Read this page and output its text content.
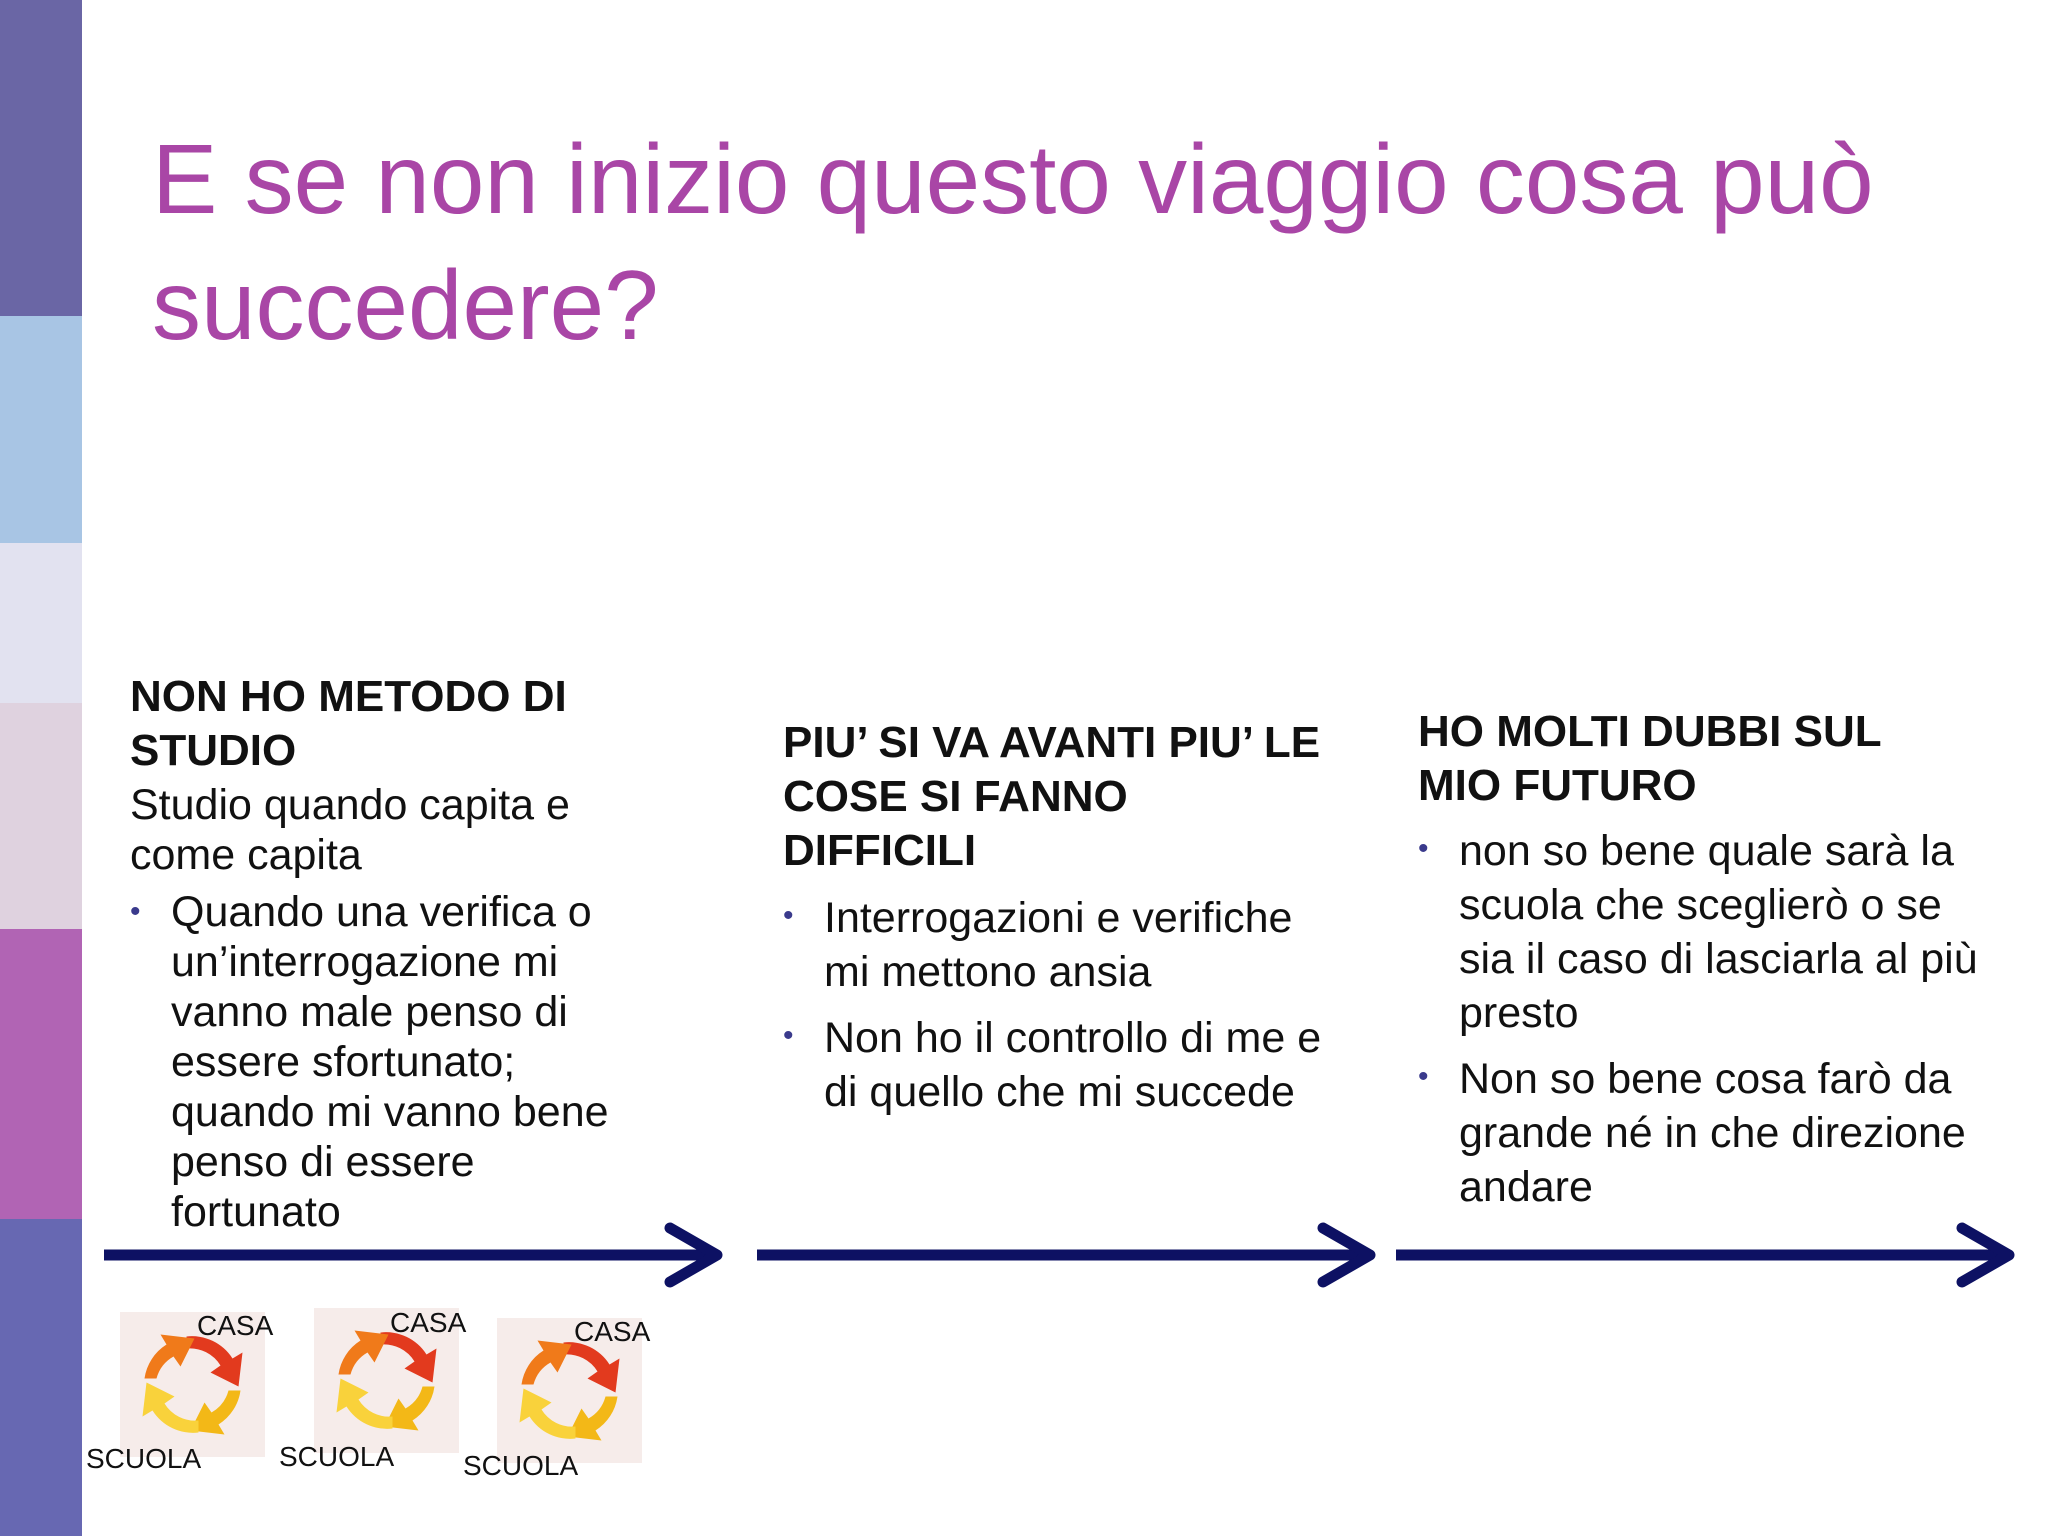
E se non inizio questo viaggio cosa può succedere?
NON HO METODO DI STUDIO
Studio quando capita e come capita
• Quando una verifica o un’interrogazione mi vanno male penso di essere sfortunato; quando mi vanno bene penso di essere fortunato
PIU’ SI VA AVANTI PIU’ LE COSE SI FANNO DIFFICILI
• Interrogazioni e verifiche mi mettono ansia
• Non ho il controllo di me e di quello che mi succede
HO MOLTI DUBBI SUL MIO FUTURO
• non so bene quale sarà la scuola che sceglierò o se sia il caso di lasciarla al più presto
• Non so bene cosa farò da grande né in che direzione andare
CASA
SCUOLA
CASA
SCUOLA
CASA
SCUOLA
